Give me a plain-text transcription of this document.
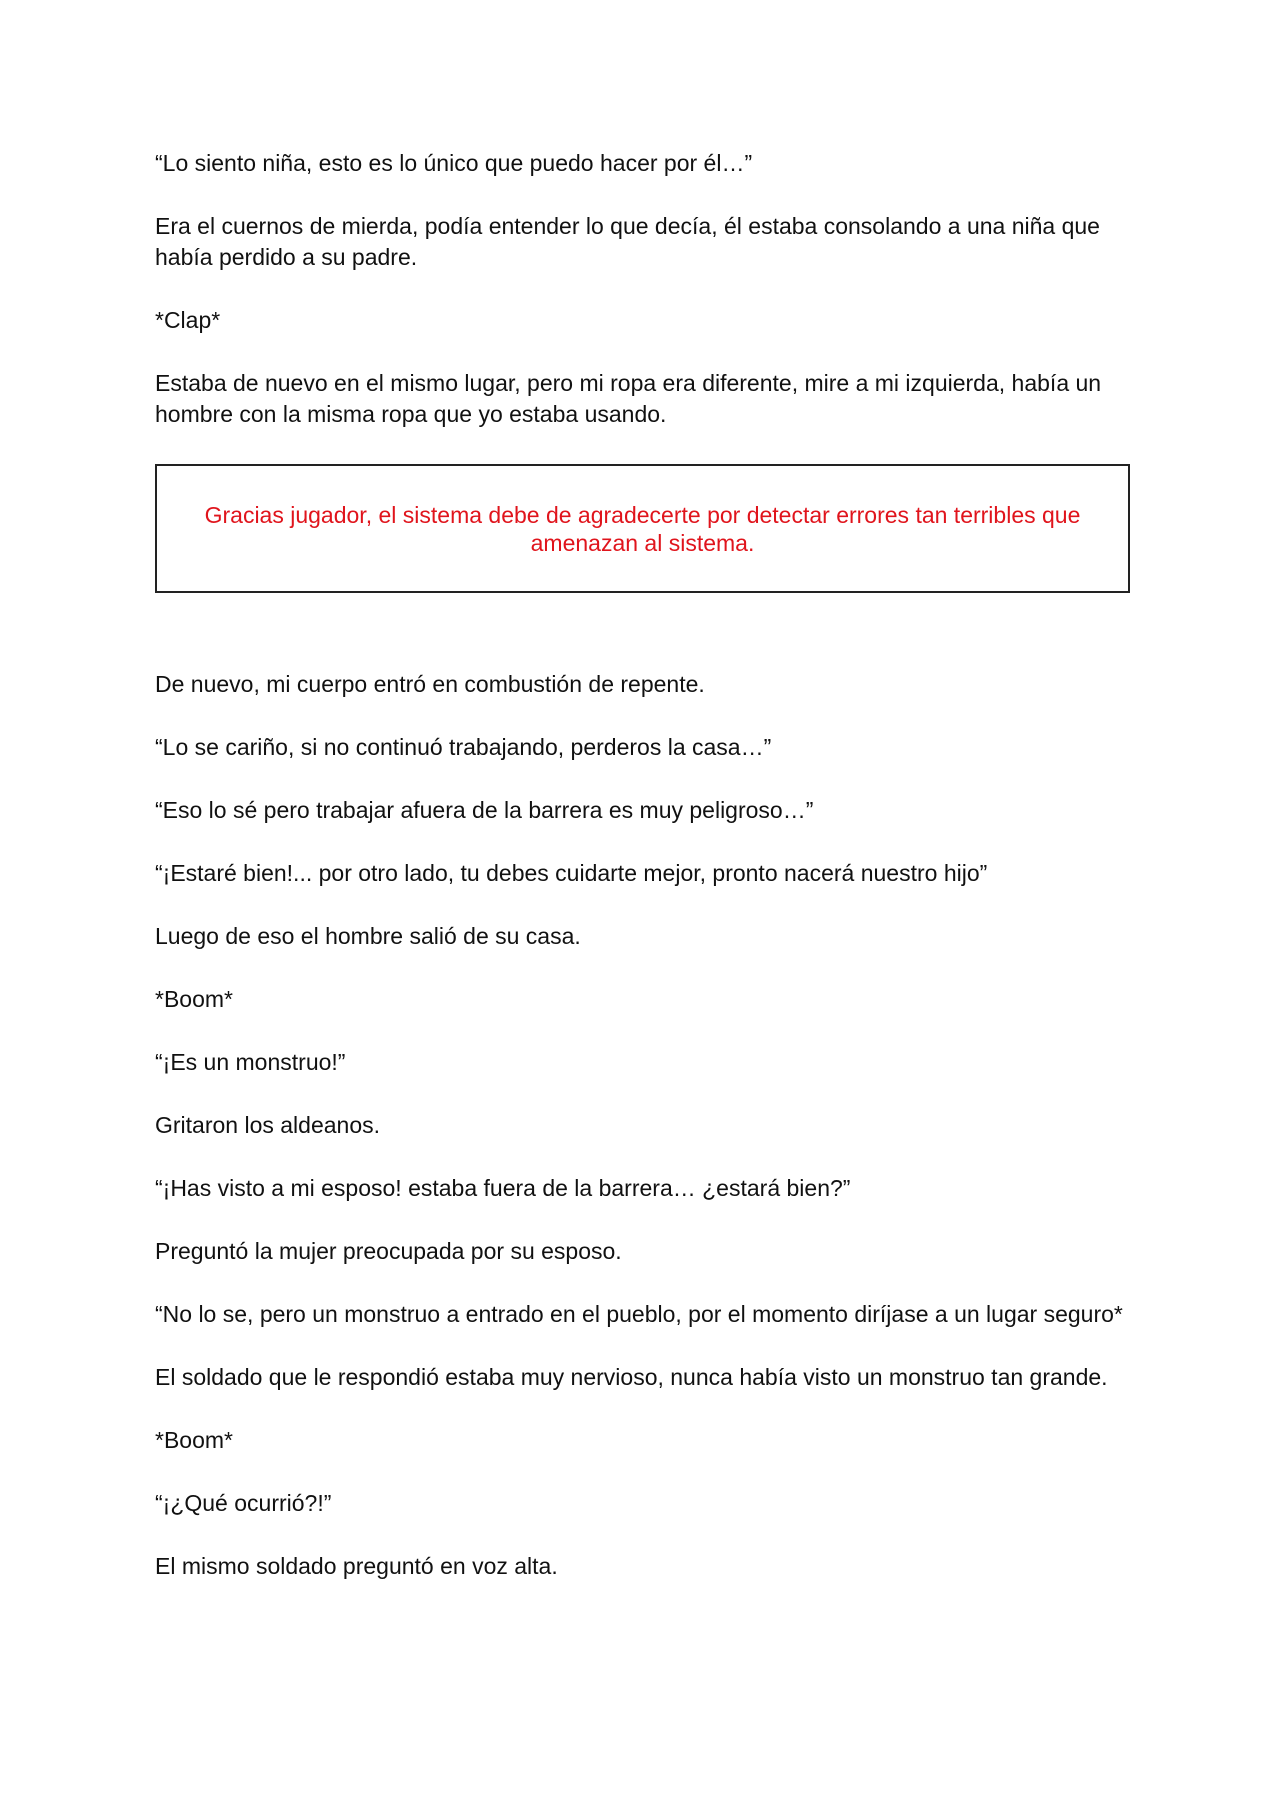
“Lo siento niña, esto es lo único que puedo hacer por él…”

Era el cuernos de mierda, podía entender lo que decía, él estaba consolando a una niña que había perdido a su padre.

*Clap*

Estaba de nuevo en el mismo lugar, pero mi ropa era diferente, mire a mi izquierda, había un hombre con la misma ropa que yo estaba usando.

Gracias jugador, el sistema debe de agradecerte por detectar errores tan terribles que amenazan al sistema.

De nuevo, mi cuerpo entró en combustión de repente.

“Lo se cariño, si no continuó trabajando, perderos la casa…”

“Eso lo sé pero trabajar afuera de la barrera es muy peligroso…”

“¡Estaré bien!... por otro lado, tu debes cuidarte mejor, pronto nacerá nuestro hijo”

Luego de eso el hombre salió de su casa.

*Boom*

“¡Es un monstruo!”

Gritaron los aldeanos.

“¡Has visto a mi esposo! estaba fuera de la barrera… ¿estará bien?”

Preguntó la mujer preocupada por su esposo.

“No lo se, pero un monstruo a entrado en el pueblo, por el momento diríjase a un lugar seguro*

El soldado que le respondió estaba muy nervioso, nunca había visto un monstruo tan grande.

*Boom*

“¡¿Qué ocurrió?!”

El mismo soldado preguntó en voz alta.
